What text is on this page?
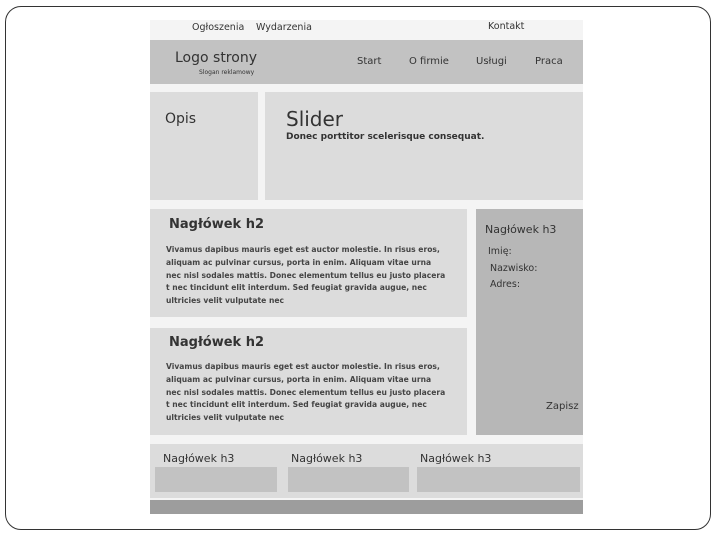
Ogłoszenia Wydarzenia	Kontakt
Logo strony
Slogan reklamowy
Start	O firmie	Usługi	Praca
Opis	Slider
Donec porttitor scelerisque consequat.
Nagłówek h2
Vivamus dapibus mauris eget est auctor molestie. In risus eros,
aliquam ac pulvinar cursus, porta in enim. Aliquam vitae urna
nec nisl sodales mattis. Donec elementum tellus eu justo placera
t nec tincidunt elit interdum. Sed feugiat gravida augue, nec
ultricies velit vulputate nec
Nagłówek h2
Vivamus dapibus mauris eget est auctor molestie. In risus eros,
aliquam ac pulvinar cursus, porta in enim. Aliquam vitae urna
nec nisl sodales mattis. Donec elementum tellus eu justo placera
t nec tincidunt elit interdum. Sed feugiat gravida augue, nec
ultricies velit vulputate nec
Nagłówek h3
Imię:
Nazwisko:
Adres:
Zapisz
Nagłówek h3	Nagłówek h3	Nagłówek h3
